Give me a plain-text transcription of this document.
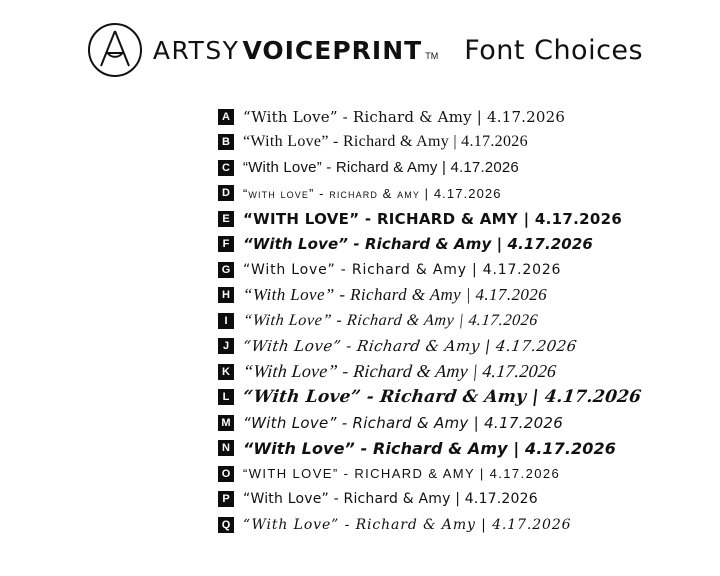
ARTSY VOICEPRINT TM Font Choices
A “With Love” - Richard & Amy | 4.17.2026
B “With Love” - Richard & Amy | 4.17.2026
C “With Love” - Richard & Amy | 4.17.2026
D	“with love” - richard & amy | 4.17.2026
E “WITH LOVE” - RICHARD & AMY | 4.17.2026
F “With Love” - Richard & Amy | 4.17.2026
G “With Love” - Richard & Amy | 4.17.2026
H “With Love” - Richard & Amy | 4.17.2026
I “With Love” - Richard & Amy | 4.17.2026
J “With Love” - Richard & Amy | 4.17.2026
K “With Love” - Richard & Amy | 4.17.2026
L “With Love” - Richard & Amy | 4.17.2026
M “With Love” - Richard & Amy | 4.17.2026
N “With Love” - Richard & Amy | 4.17.2026
O “WITH LOVE” - RICHARD & AMY | 4.17.2026
P “With Love” - Richard & Amy | 4.17.2026
Q “With Love” - Richard & Amy | 4.17.2026
